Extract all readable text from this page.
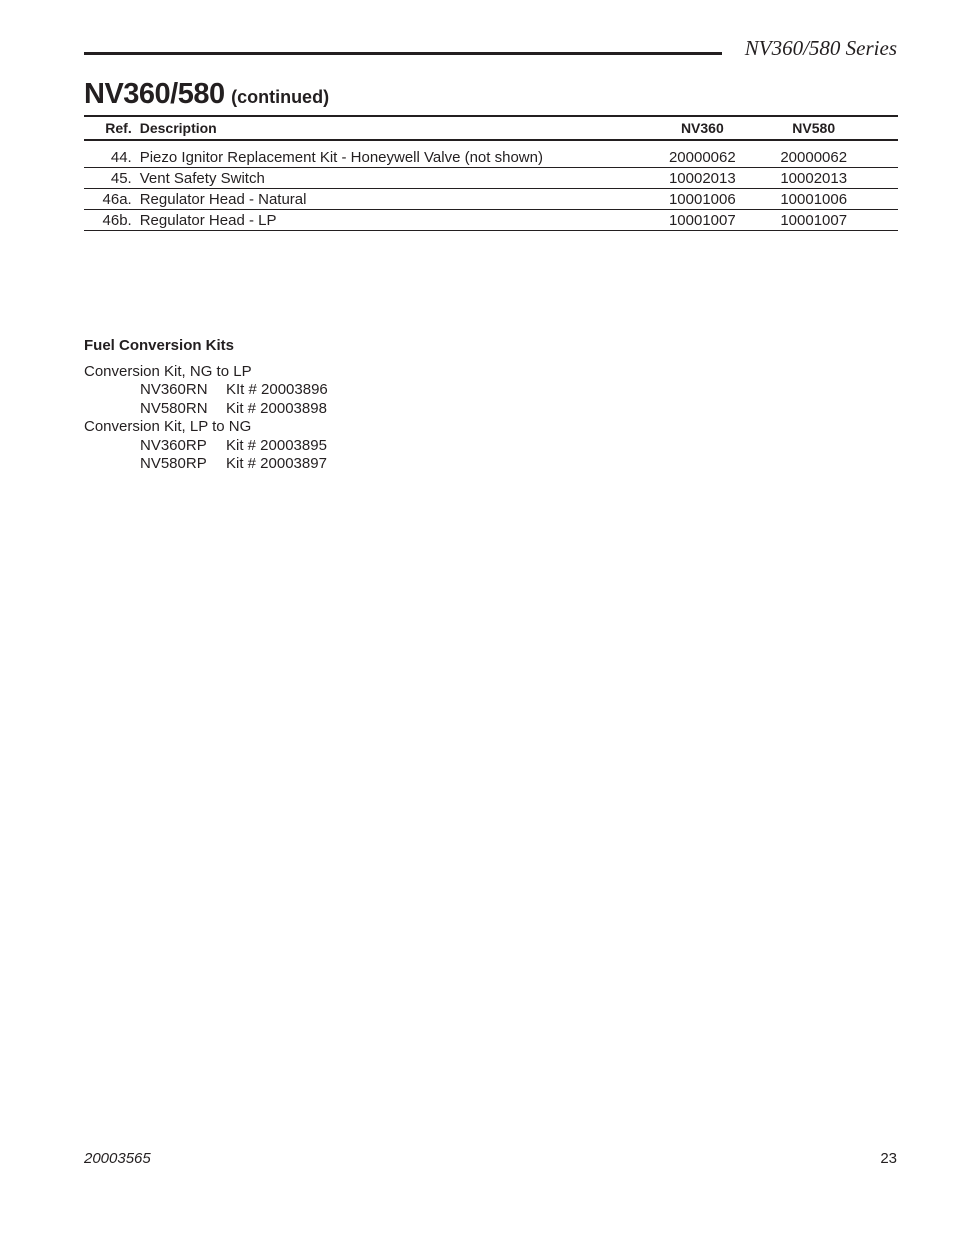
NV360/580 Series
NV360/580 (continued)
Ref.	Description	NV360	NV580	

44.	Piezo Ignitor Replacement Kit - Honeywell Valve (not shown)	20000062	20000062	
45.	Vent Safety Switch	10002013	10002013	
46a.	Regulator Head - Natural	10001006	10001006	
46b.	Regulator Head - LP	10001007	10001007	
Fuel Conversion Kits
Conversion Kit, NG to LP
NV360RN KIt # 20003896
NV580RN Kit # 20003898
Conversion Kit, LP to NG
NV360RP Kit # 20003895
NV580RP Kit # 20003897
20003565	23
